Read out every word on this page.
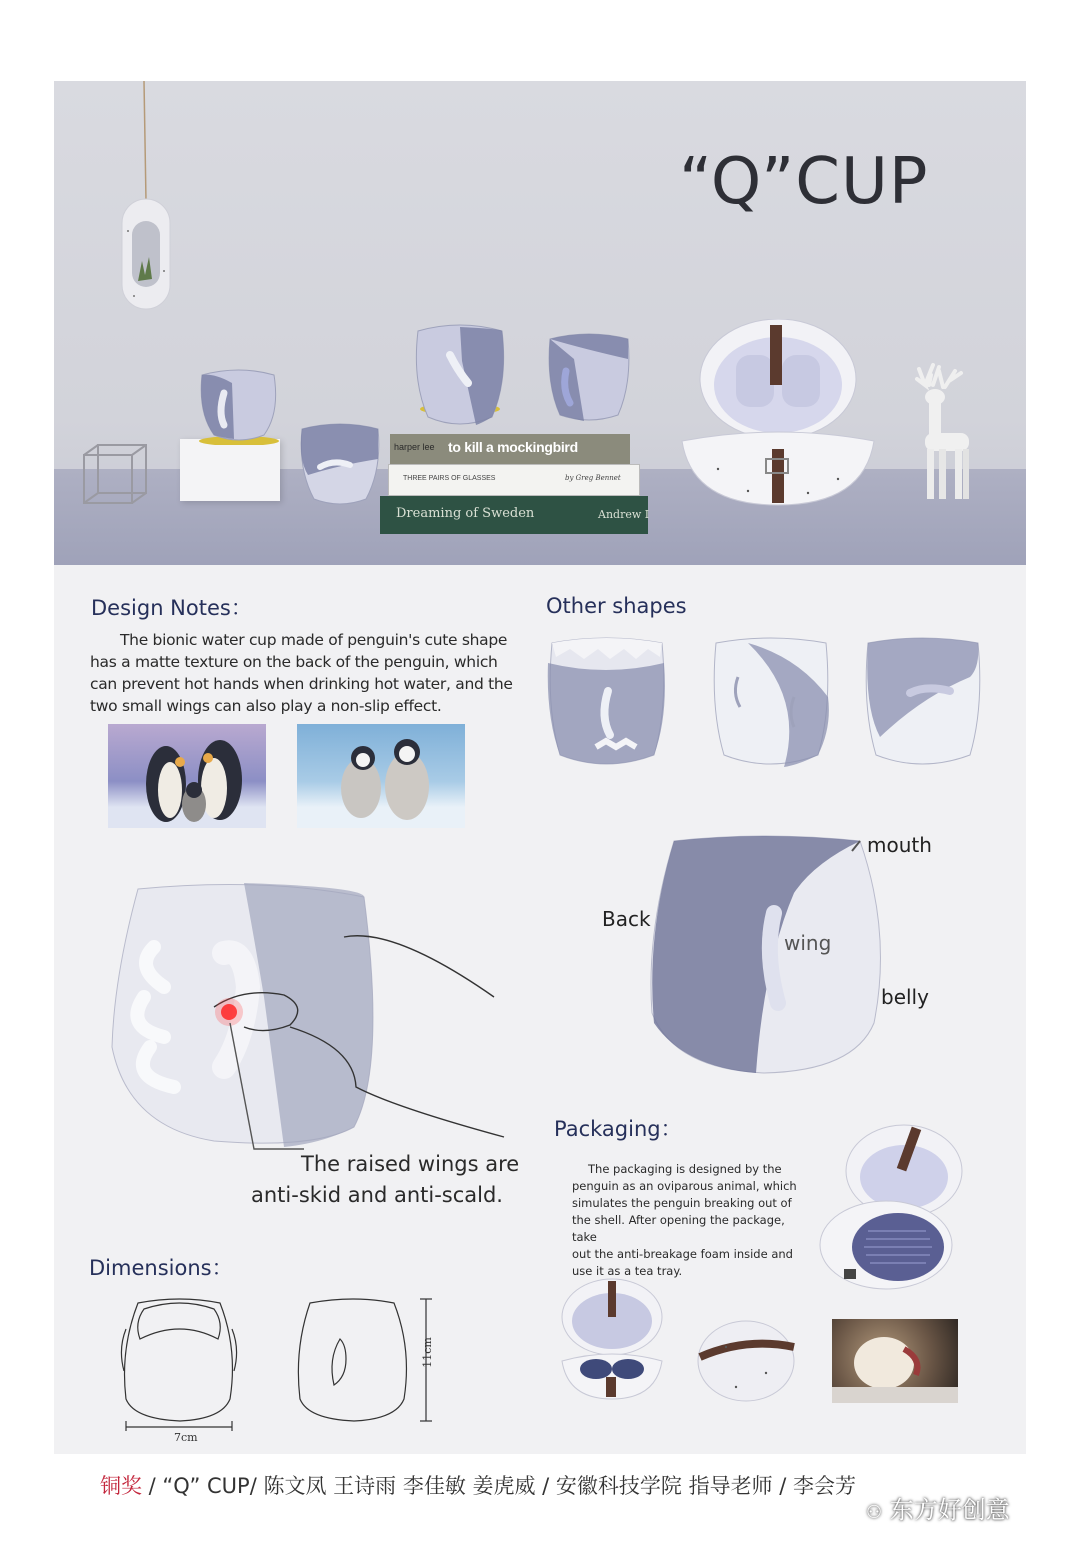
Dreaming of Sweden	Andrew I
THREE PAIRS OF GLASSES	by Greg Bennet
harper lee to kill a mockingbird
“Q”CUP
Design Notes：
The bionic water cup made of penguin's cute shape
has a matte texture on the back of the penguin, which
can prevent hot hands when drinking hot water, and the
two small wings can also play a non-slip effect.
Other shapes
The raised wings are
anti-skid and anti-scald.
mouth
Back
wing
belly
Packaging：
The packaging is designed by the
penguin as an oviparous animal, which
simulates the penguin breaking out of
the shell. After opening the package, take
out the anti-breakage foam inside and
use it as a tea tray.
Dimensions：
7cm
11cm
铜奖 / “Q” CUP/ 陈文凤 王诗雨 李佳敏 姜虎威 / 安徽科技学院 指导老师 / 李会芳
⚇ 东方好创意
